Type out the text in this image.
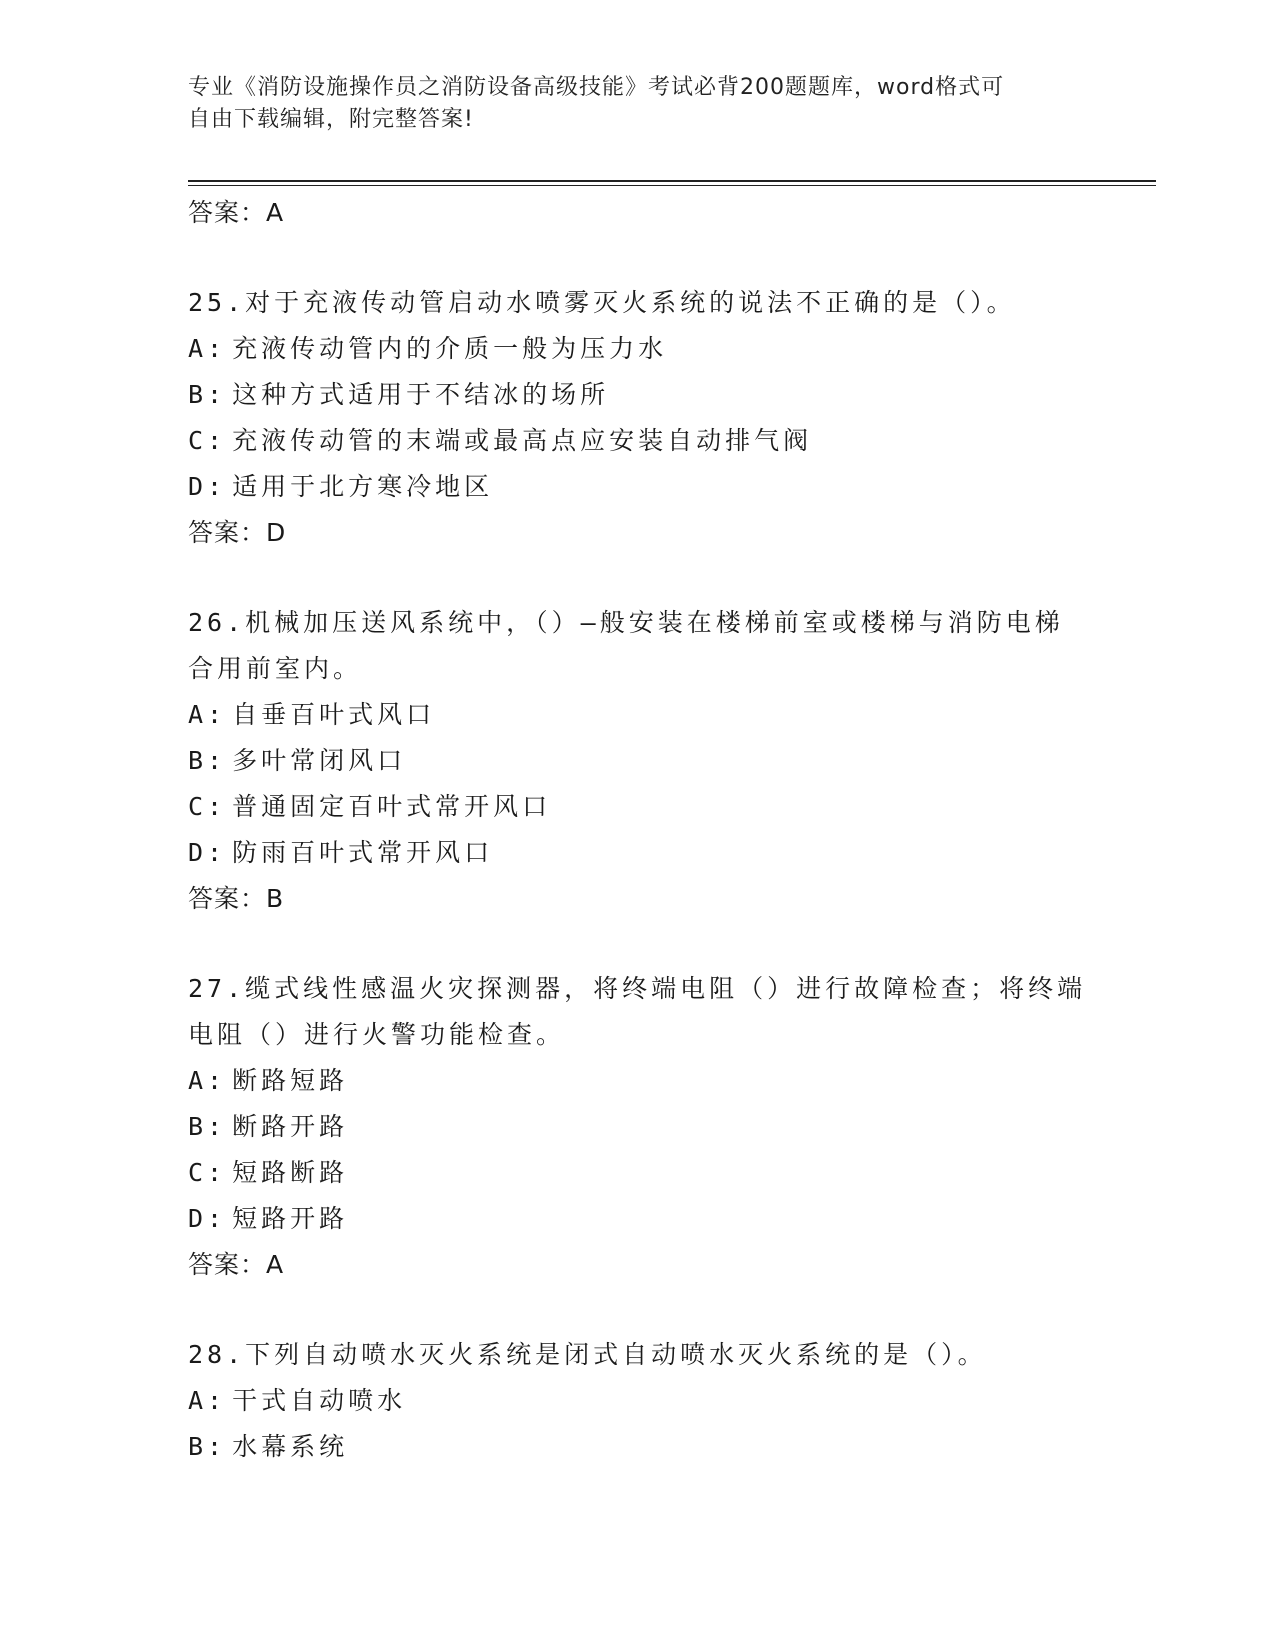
专业《消防设施操作员之消防设备高级技能》考试必背200题题库，word格式可
自由下载编辑，附完整答案!
答案：A
25.对于充液传动管启动水喷雾灭火系统的说法不正确的是（）。
A: 充液传动管内的介质一般为压力水
B: 这种方式适用于不结冰的场所
C: 充液传动管的末端或最高点应安装自动排气阀
D: 适用于北方寒冷地区
答案：D
26.机械加压送风系统中，（）—般安装在楼梯前室或楼梯与消防电梯合用前室内。
A: 自垂百叶式风口
B: 多叶常闭风口
C: 普通固定百叶式常开风口
D: 防雨百叶式常开风口
答案：B
27.缆式线性感温火灾探测器，将终端电阻（）进行故障检查；将终端电阻（）进行火警功能检查。
A: 断路短路
B: 断路开路
C: 短路断路
D: 短路开路
答案：A
28.下列自动喷水灭火系统是闭式自动喷水灭火系统的是（）。
A: 干式自动喷水
B: 水幕系统
